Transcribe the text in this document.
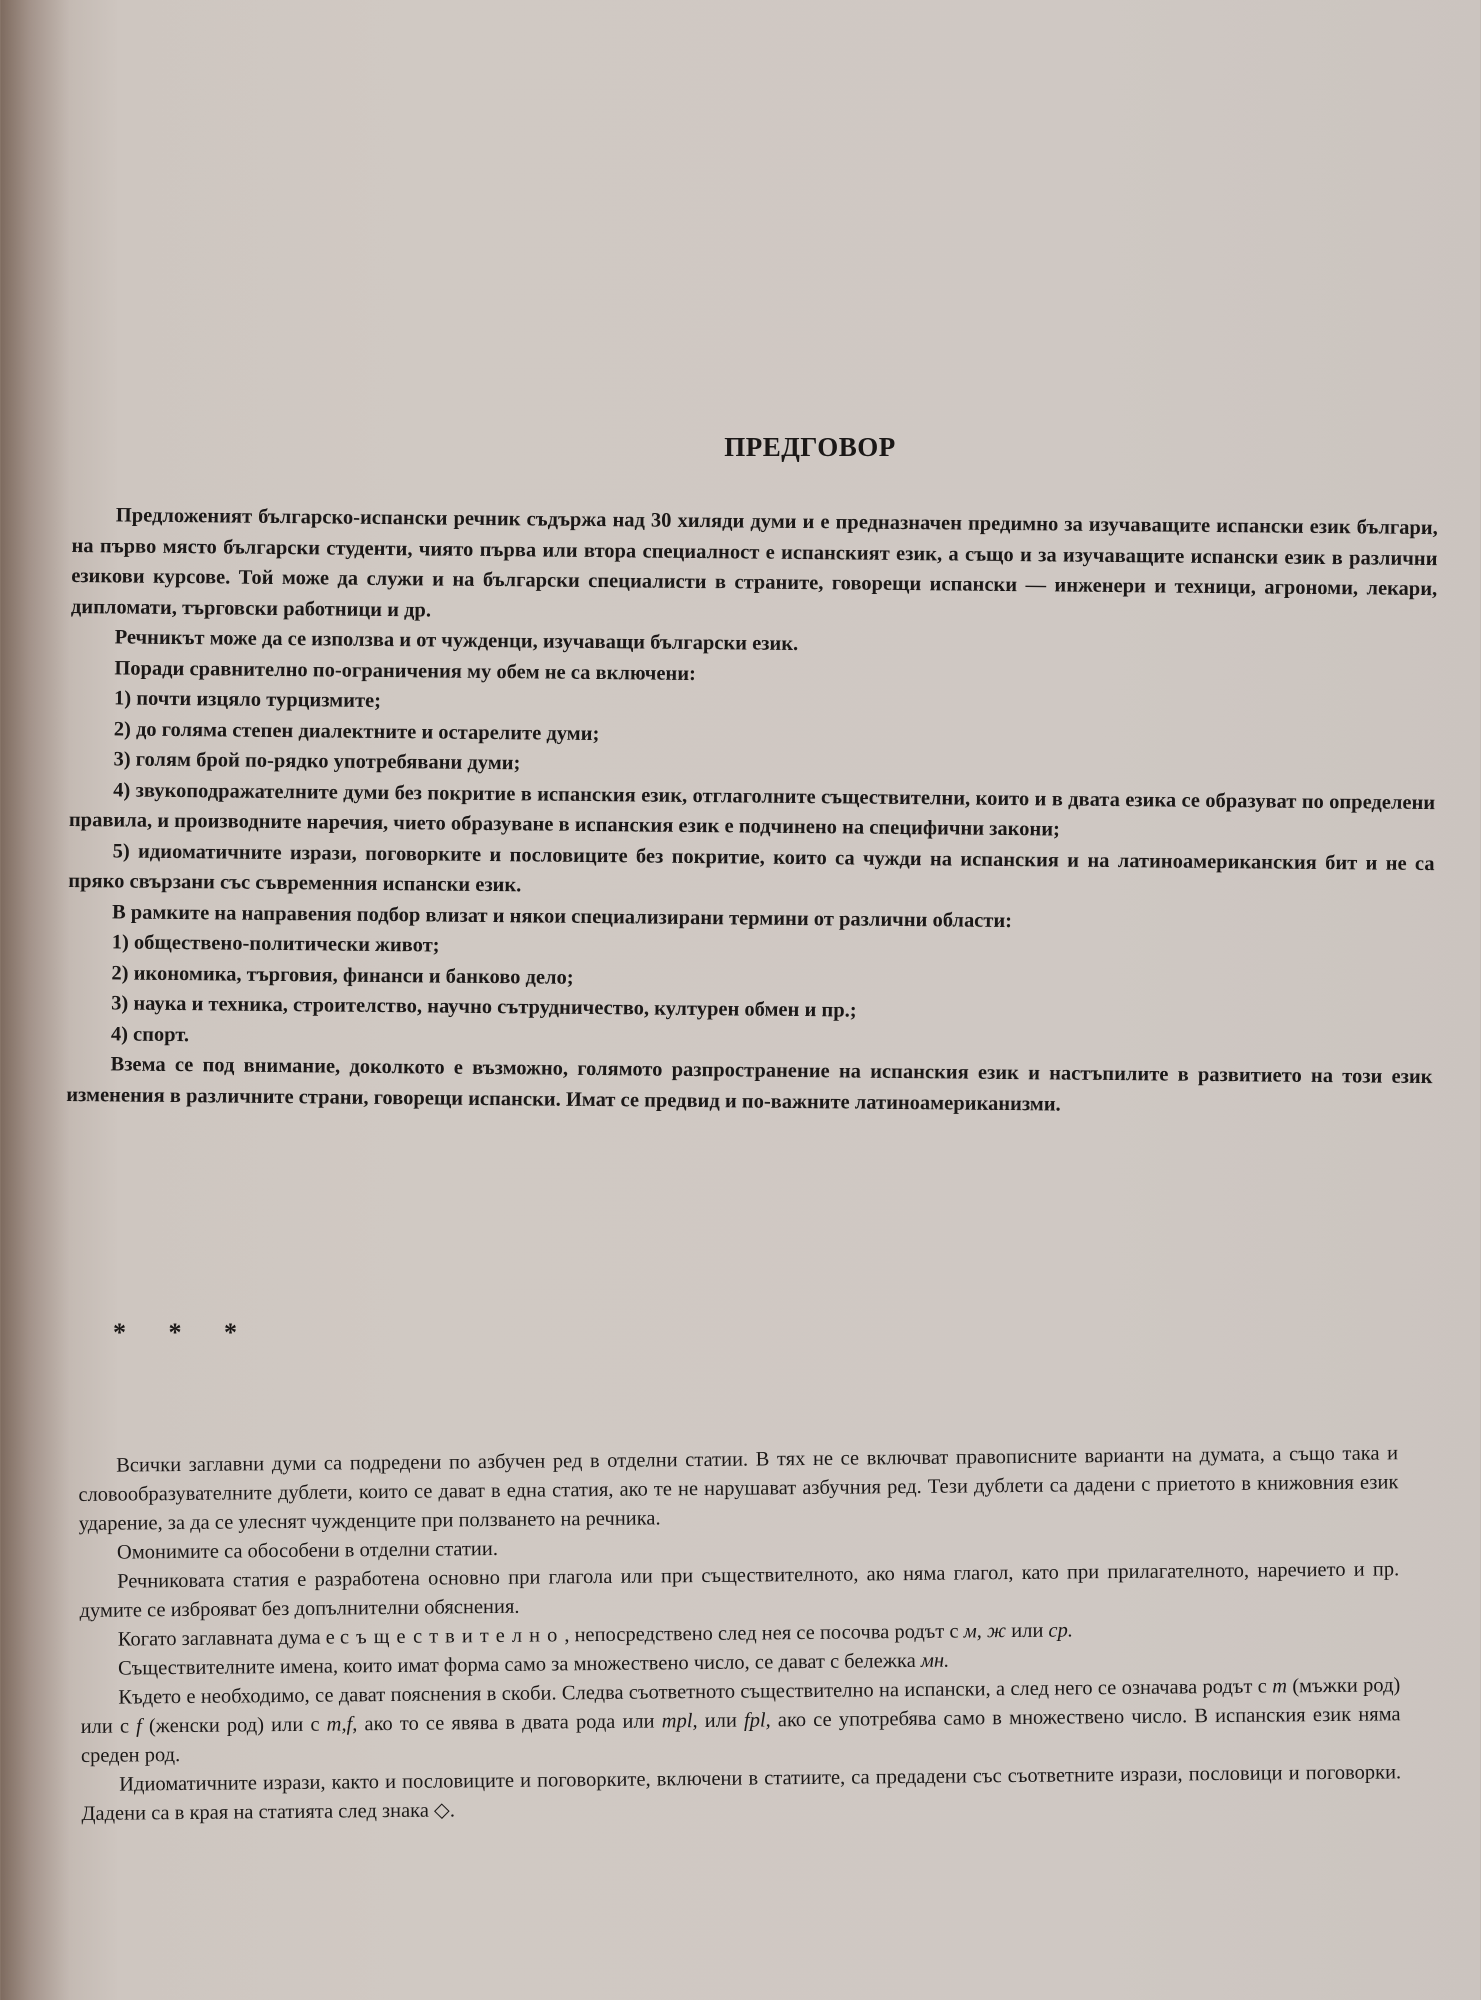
ПРЕДГОВОР

Предложеният българско-испански речник съдържа над 30 хиляди думи и е предназначен предимно за изучаващите испански език българи, на първо място български студенти, чиято първа или втора специалност е испанският език, а също и за изучаващите испански език в различни езикови курсове. Той може да служи и на български специалисти в страните, говорещи испански — инженери и техници, агрономи, лекари, дипломати, търговски работници и др.

Речникът може да се използва и от чужденци, изучаващи български език.

Поради сравнително по-ограничения му обем не са включени:

1) почти изцяло турцизмите;

2) до голяма степен диалектните и остарелите думи;

3) голям брой по-рядко употребявани думи;

4) звукоподражателните думи без покритие в испанския език, отглаголните съществителни, които и в двата езика се образуват по определени правила, и производните наречия, чието образуване в испанския език е подчинено на специфични закони;

5) идиоматичните изрази, поговорките и пословиците без покритие, които са чужди на испанския и на латиноамериканския бит и не са пряко свързани със съвременния испански език.

В рамките на направения подбор влизат и някои специализирани термини от различни области:

1) обществено-политически живот;

2) икономика, търговия, финанси и банково дело;

3) наука и техника, строителство, научно сътрудничество, културен обмен и пр.;

4) спорт.

Взема се под внимание, доколкото е възможно, голямото разпространение на испанския език и настъпилите в развитието на този език изменения в различните страни, говорещи испански. Имат се предвид и по-важните латиноамериканизми.

* * *

Всички заглавни думи са подредени по азбучен ред в отделни статии. В тях не се включват правописните варианти на думата, а също така и словообразувателните дублети, които се дават в една статия, ако те не нарушават азбучния ред. Тези дублети са дадени с приетото в книжовния език ударение, за да се улеснят чужденците при ползването на речника.

Омонимите са обособени в отделни статии.

Речниковата статия е разработена основно при глагола или при съществителното, ако няма глагол, като при прилагателното, наречието и пр. думите се изброяват без допълнителни обяснения.

Когато заглавната дума е съществително, непосредствено след нея се посочва родът с м, ж или ср.

Съществителните имена, които имат форма само за множествено число, се дават с бележка мн.

Където е необходимо, се дават пояснения в скоби. Следва съответното съществително на испански, а след него се означава родът с m (мъжки род) или с f (женски род) или с m,f, ако то се явява в двата рода или mpl, или fpl, ако се употребява само в множествено число. В испанския език няма среден род.

Идиоматичните изрази, както и пословиците и поговорките, включени в статиите, са предадени със съответните изрази, пословици и поговорки. Дадени са в края на статията след знака ◇.
